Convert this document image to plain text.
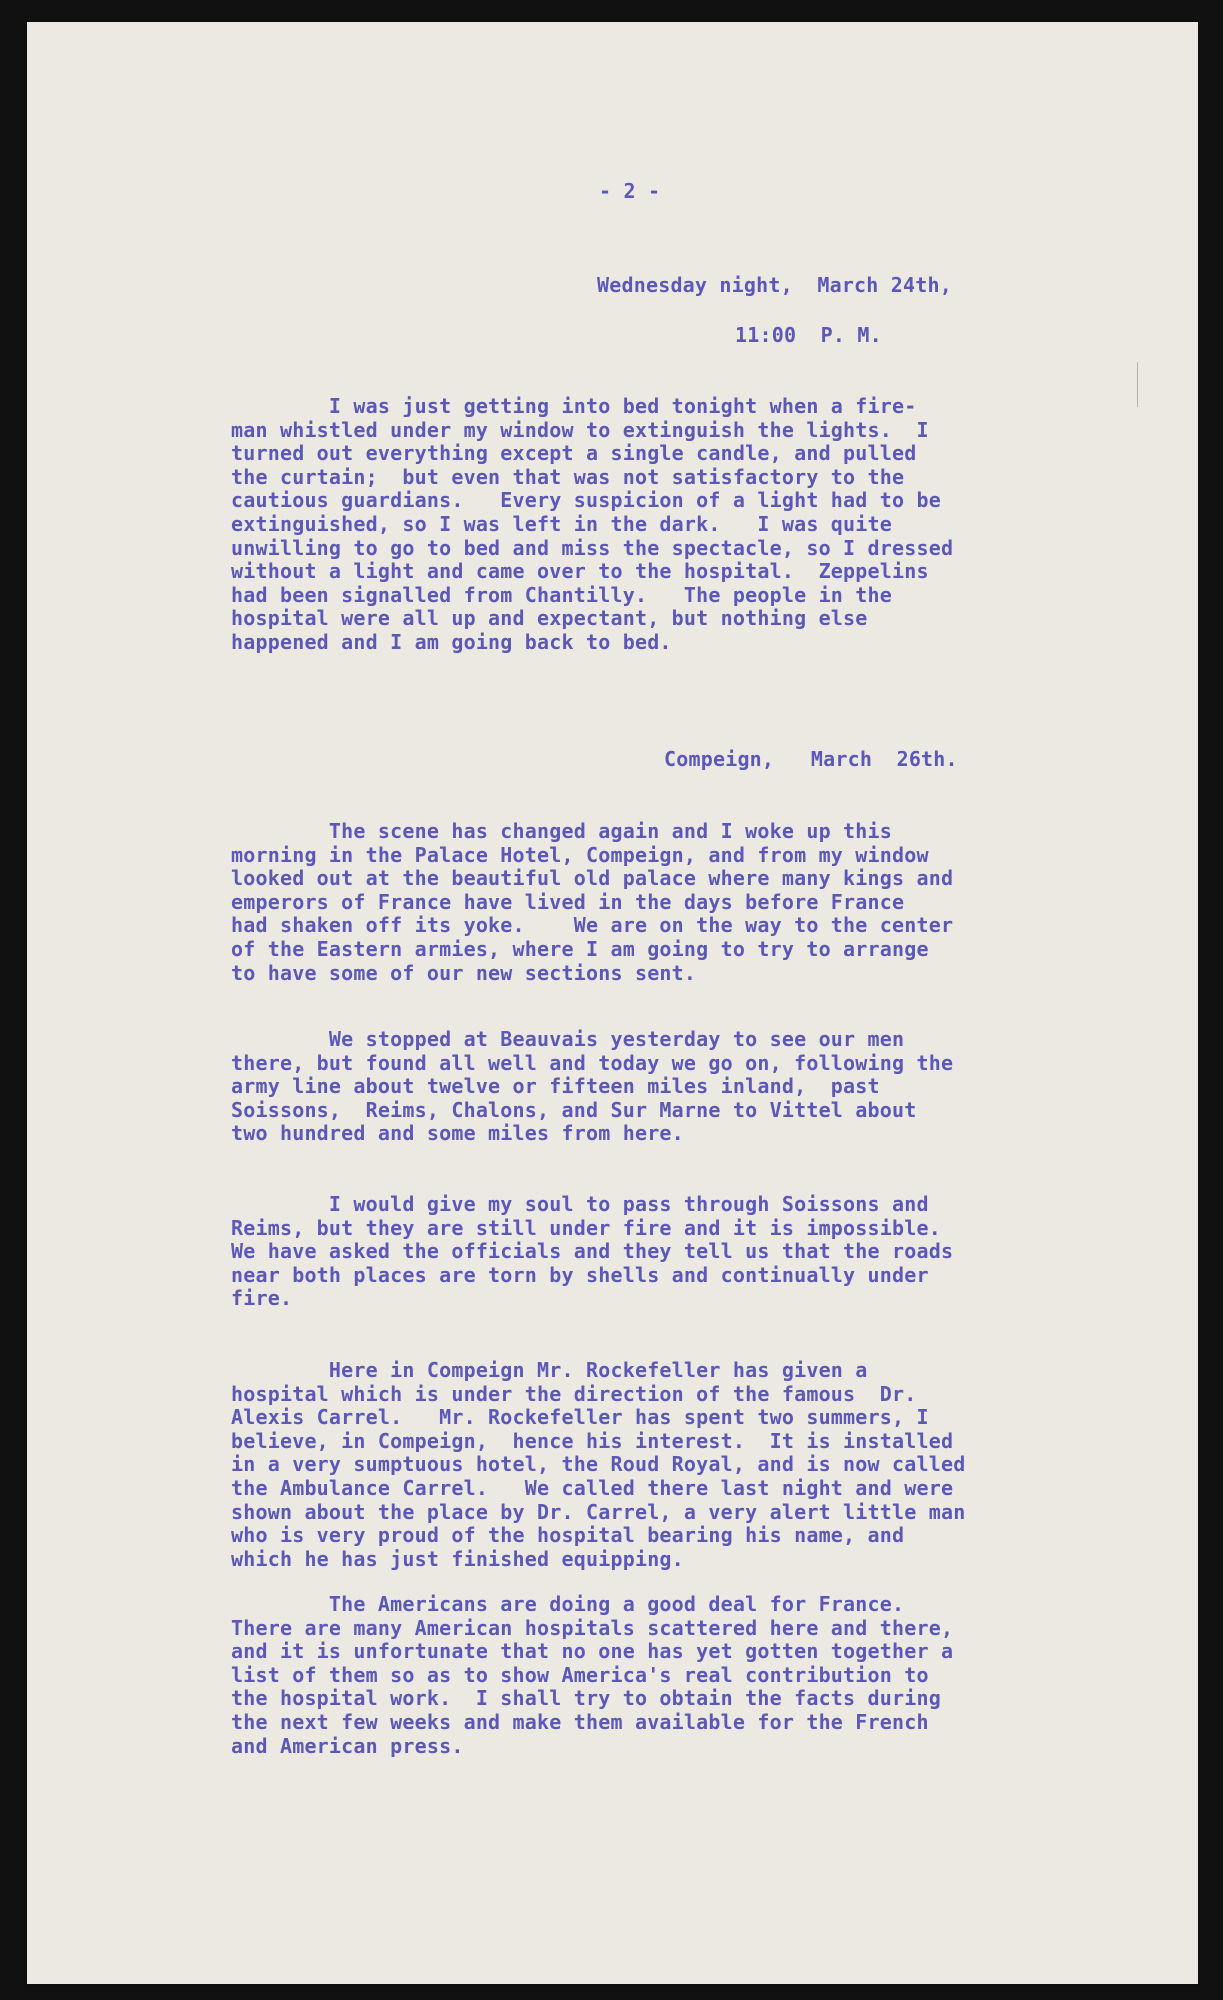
- 2 -
Wednesday night,  March 24th,
11:00  P. M.
I was just getting into bed tonight when a fire-
man whistled under my window to extinguish the lights.  I
turned out everything except a single candle, and pulled
the curtain;  but even that was not satisfactory to the
cautious guardians.   Every suspicion of a light had to be
extinguished, so I was left in the dark.   I was quite
unwilling to go to bed and miss the spectacle, so I dressed
without a light and came over to the hospital.  Zeppelins
had been signalled from Chantilly.   The people in the
hospital were all up and expectant, but nothing else
happened and I am going back to bed.
Compeign,   March  26th.
The scene has changed again and I woke up this
morning in the Palace Hotel, Compeign, and from my window
looked out at the beautiful old palace where many kings and
emperors of France have lived in the days before France
had shaken off its yoke.    We are on the way to the center
of the Eastern armies, where I am going to try to arrange
to have some of our new sections sent.
We stopped at Beauvais yesterday to see our men
there, but found all well and today we go on, following the
army line about twelve or fifteen miles inland,  past
Soissons,  Reims, Chalons, and Sur Marne to Vittel about
two hundred and some miles from here.
I would give my soul to pass through Soissons and
Reims, but they are still under fire and it is impossible.
We have asked the officials and they tell us that the roads
near both places are torn by shells and continually under
fire.
Here in Compeign Mr. Rockefeller has given a
hospital which is under the direction of the famous  Dr.
Alexis Carrel.   Mr. Rockefeller has spent two summers, I
believe, in Compeign,  hence his interest.  It is installed
in a very sumptuous hotel, the Roud Royal, and is now called
the Ambulance Carrel.   We called there last night and were
shown about the place by Dr. Carrel, a very alert little man
who is very proud of the hospital bearing his name, and
which he has just finished equipping.
The Americans are doing a good deal for France.
There are many American hospitals scattered here and there,
and it is unfortunate that no one has yet gotten together a
list of them so as to show America's real contribution to
the hospital work.  I shall try to obtain the facts during
the next few weeks and make them available for the French
and American press.
